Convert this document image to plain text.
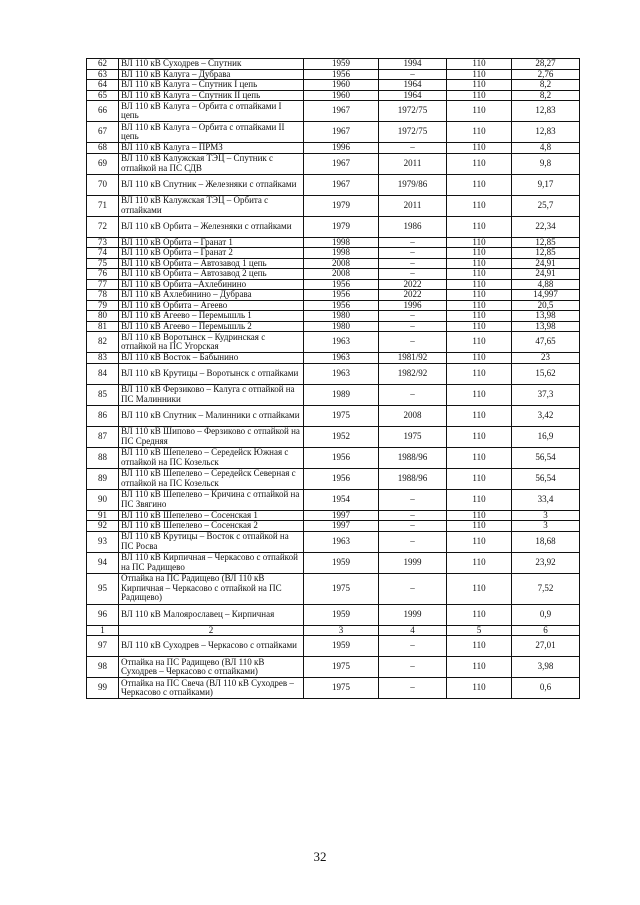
62	ВЛ 110 кВ Суходрев – Спутник	1959	1994	110	28,27
63	ВЛ 110 кВ Калуга – Дубрава	1956	–	110	2,76
64	ВЛ 110 кВ Калуга – Спутник I цепь	1960	1964	110	8,2
65	ВЛ 110 кВ Калуга – Спутник II цепь	1960	1964	110	8,2
66	ВЛ 110 кВ Калуга – Орбита с отпайками I цепь	1967	1972/75	110	12,83
67	ВЛ 110 кВ Калуга – Орбита с отпайками II цепь	1967	1972/75	110	12,83
68	ВЛ 110 кВ Калуга – ПРМЗ	1996	–	110	4,8
69	ВЛ 110 кВ Калужская ТЭЦ – Спутник с отпайкой на ПС СДВ	1967	2011	110	9,8
70	ВЛ 110 кВ Спутник – Железняки с отпайками	1967	1979/86	110	9,17
71	ВЛ 110 кВ Калужская ТЭЦ – Орбита с отпайками	1979	2011	110	25,7
72	ВЛ 110 кВ Орбита – Железняки с отпайками	1979	1986	110	22,34
73	ВЛ 110 кВ Орбита – Гранат 1	1998	–	110	12,85
74	ВЛ 110 кВ Орбита – Гранат 2	1998	–	110	12,85
75	ВЛ 110 кВ Орбита – Автозавод 1 цепь	2008	–	110	24,91
76	ВЛ 110 кВ Орбита – Автозавод 2 цепь	2008	–	110	24,91
77	ВЛ 110 кВ Орбита –Ахлебинино	1956	2022	110	4,88
78	ВЛ 110 кВ Ахлебинино – Дубрава	1956	2022	110	14,997
79	ВЛ 110 кВ Орбита – Агеево	1956	1996	110	20,5
80	ВЛ 110 кВ Агеево – Перемышль 1	1980	–	110	13,98
81	ВЛ 110 кВ Агеево – Перемышль 2	1980	–	110	13,98
82	ВЛ 110 кВ Воротынск – Кудринская с отпайкой на ПС Угорская	1963	–	110	47,65
83	ВЛ 110 кВ Восток – Бабынино	1963	1981/92	110	23
84	ВЛ 110 кВ Крутицы – Воротынск с отпайками	1963	1982/92	110	15,62
85	ВЛ 110 кВ Ферзиково – Калуга с отпайкой на ПС Малинники	1989	–	110	37,3
86	ВЛ 110 кВ Спутник – Малинники с отпайками	1975	2008	110	3,42
87	ВЛ 110 кВ Шипово – Ферзиково с отпайкой на ПС Средняя	1952	1975	110	16,9
88	ВЛ 110 кВ Шепелево – Середейск Южная с отпайкой на ПС Козельск	1956	1988/96	110	56,54
89	ВЛ 110 кВ Шепелево – Середейск Северная с отпайкой на ПС Козельск	1956	1988/96	110	56,54
90	ВЛ 110 кВ Шепелево – Кричина с отпайкой на ПС Звягино	1954	–	110	33,4
91	ВЛ 110 кВ Шепелево – Сосенская 1	1997	–	110	3
92	ВЛ 110 кВ Шепелево – Сосенская 2	1997	–	110	3
93	ВЛ 110 кВ Крутицы – Восток с отпайкой на ПС Росва	1963	–	110	18,68
94	ВЛ 110 кВ Кирпичная – Черкасово с отпайкой на ПС Радищево	1959	1999	110	23,92
95	Отпайка на ПС Радищево (ВЛ 110 кВ Кирпичная – Черкасово с отпайкой на ПС Радищево)	1975	–	110	7,52
96	ВЛ 110 кВ Малоярославец – Кирпичная	1959	1999	110	0,9
1	2	3	4	5	6
97	ВЛ 110 кВ Суходрев – Черкасово с отпайками	1959	–	110	27,01
98	Отпайка на ПС Радищево (ВЛ 110 кВ Суходрев – Черкасово с отпайками)	1975	–	110	3,98
99	Отпайка на ПС Свеча (ВЛ 110 кВ Суходрев – Черкасово с отпайками)	1975	–	110	0,6
32
